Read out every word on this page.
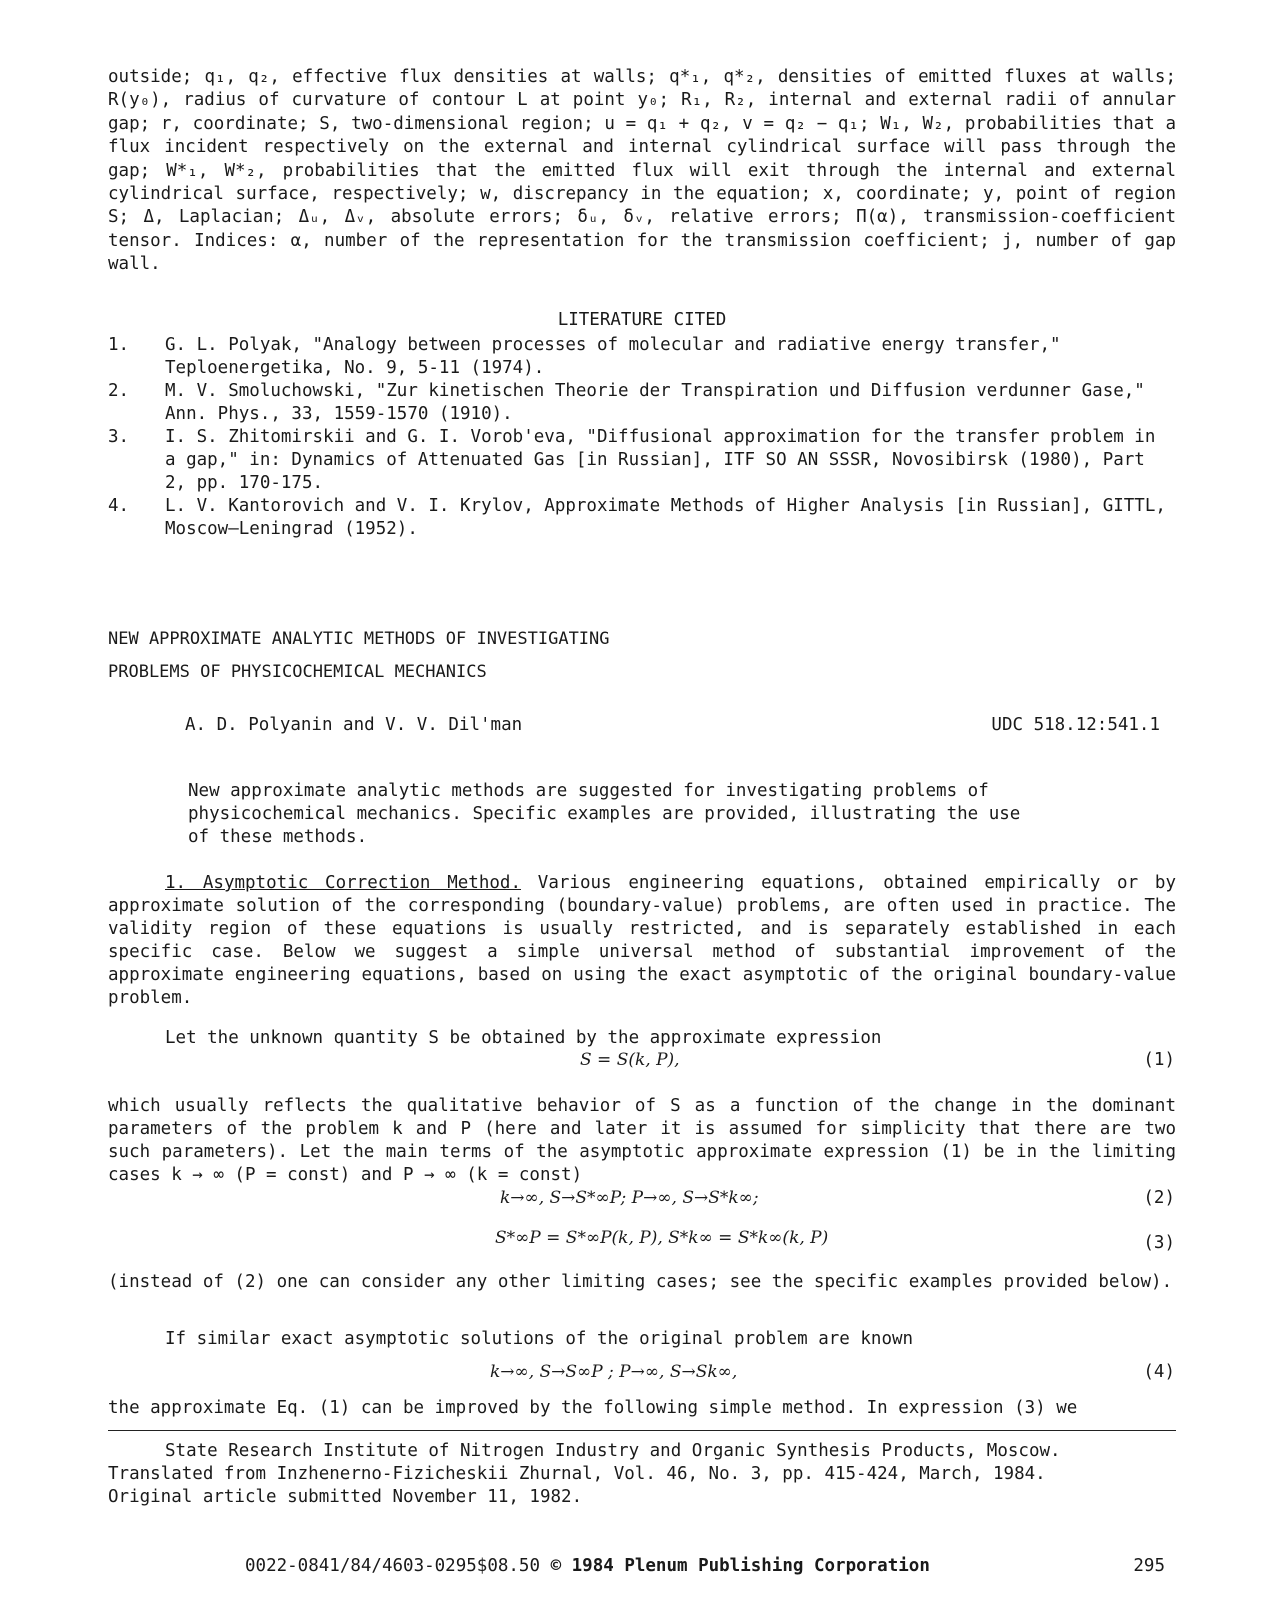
outside; q₁, q₂, effective flux densities at walls; q*₁, q*₂, densities of emitted fluxes at walls; R(y₀), radius of curvature of contour L at point y₀; R₁, R₂, internal and external radii of annular gap; r, coordinate; S, two-dimensional region; u = q₁ + q₂, v = q₂ − q₁; W₁, W₂, probabilities that a flux incident respectively on the external and internal cylindrical surface will pass through the gap; W*₁, W*₂, probabilities that the emitted flux will exit through the internal and external cylindrical surface, respectively; w, discrepancy in the equation; x, coordinate; y, point of region S; Δ, Laplacian; Δᵤ, Δᵥ, absolute errors; δᵤ, δᵥ, relative errors; Π(α), transmission-coefficient tensor. Indices: α, number of the representation for the transmission coefficient; j, number of gap wall.

LITERATURE CITED
1.	G. L. Polyak, "Analogy between processes of molecular and radiative energy transfer," Teploenergetika, No. 9, 5-11 (1974).
2.	M. V. Smoluchowski, "Zur kinetischen Theorie der Transpiration und Diffusion verdunner Gase," Ann. Phys., 33, 1559-1570 (1910).
3.	I. S. Zhitomirskii and G. I. Vorob'eva, "Diffusional approximation for the transfer problem in a gap," in: Dynamics of Attenuated Gas [in Russian], ITF SO AN SSSR, Novosibirsk (1980), Part 2, pp. 170-175.
4.	L. V. Kantorovich and V. I. Krylov, Approximate Methods of Higher Analysis [in Russian], GITTL, Moscow—Leningrad (1952).
NEW APPROXIMATE ANALYTIC METHODS OF INVESTIGATING
PROBLEMS OF PHYSICOCHEMICAL MECHANICS
A. D. Polyanin and V. V. Dil'man	UDC 518.12:541.1

New approximate analytic methods are suggested for investigating problems of physicochemical mechanics. Specific examples are provided, illustrating the use of these methods.

1. Asymptotic Correction Method. Various engineering equations, obtained empirically or by approximate solution of the corresponding (boundary-value) problems, are often used in practice. The validity region of these equations is usually restricted, and is separately established in each specific case. Below we suggest a simple universal method of substantial improvement of the approximate engineering equations, based on using the exact asymptotic of the original boundary-value problem.

Let the unknown quantity S be obtained by the approximate expression

S = S(k, P),	(1)

which usually reflects the qualitative behavior of S as a function of the change in the dominant parameters of the problem k and P (here and later it is assumed for simplicity that there are two such parameters). Let the main terms of the asymptotic approximate expression (1) be in the limiting cases k → ∞ (P = const) and P → ∞ (k = const)

k→∞, S→S*∞P; P→∞, S→S*k∞;	(2)
S*∞P = S*∞P(k, P), S*k∞ = S*k∞(k, P)	(3)

(instead of (2) one can consider any other limiting cases; see the specific examples provided below).

If similar exact asymptotic solutions of the original problem are known

k→∞, S→S∞P ; P→∞, S→Sk∞,	(4)

the approximate Eq. (1) can be improved by the following simple method. In expression (3) we

State Research Institute of Nitrogen Industry and Organic Synthesis Products, Moscow.
Translated from Inzhenerno-Fizicheskii Zhurnal, Vol. 46, No. 3, pp. 415-424, March, 1984.
Original article submitted November 11, 1982.
0022-0841/84/4603-0295$08.50 © 1984 Plenum Publishing Corporation	295
